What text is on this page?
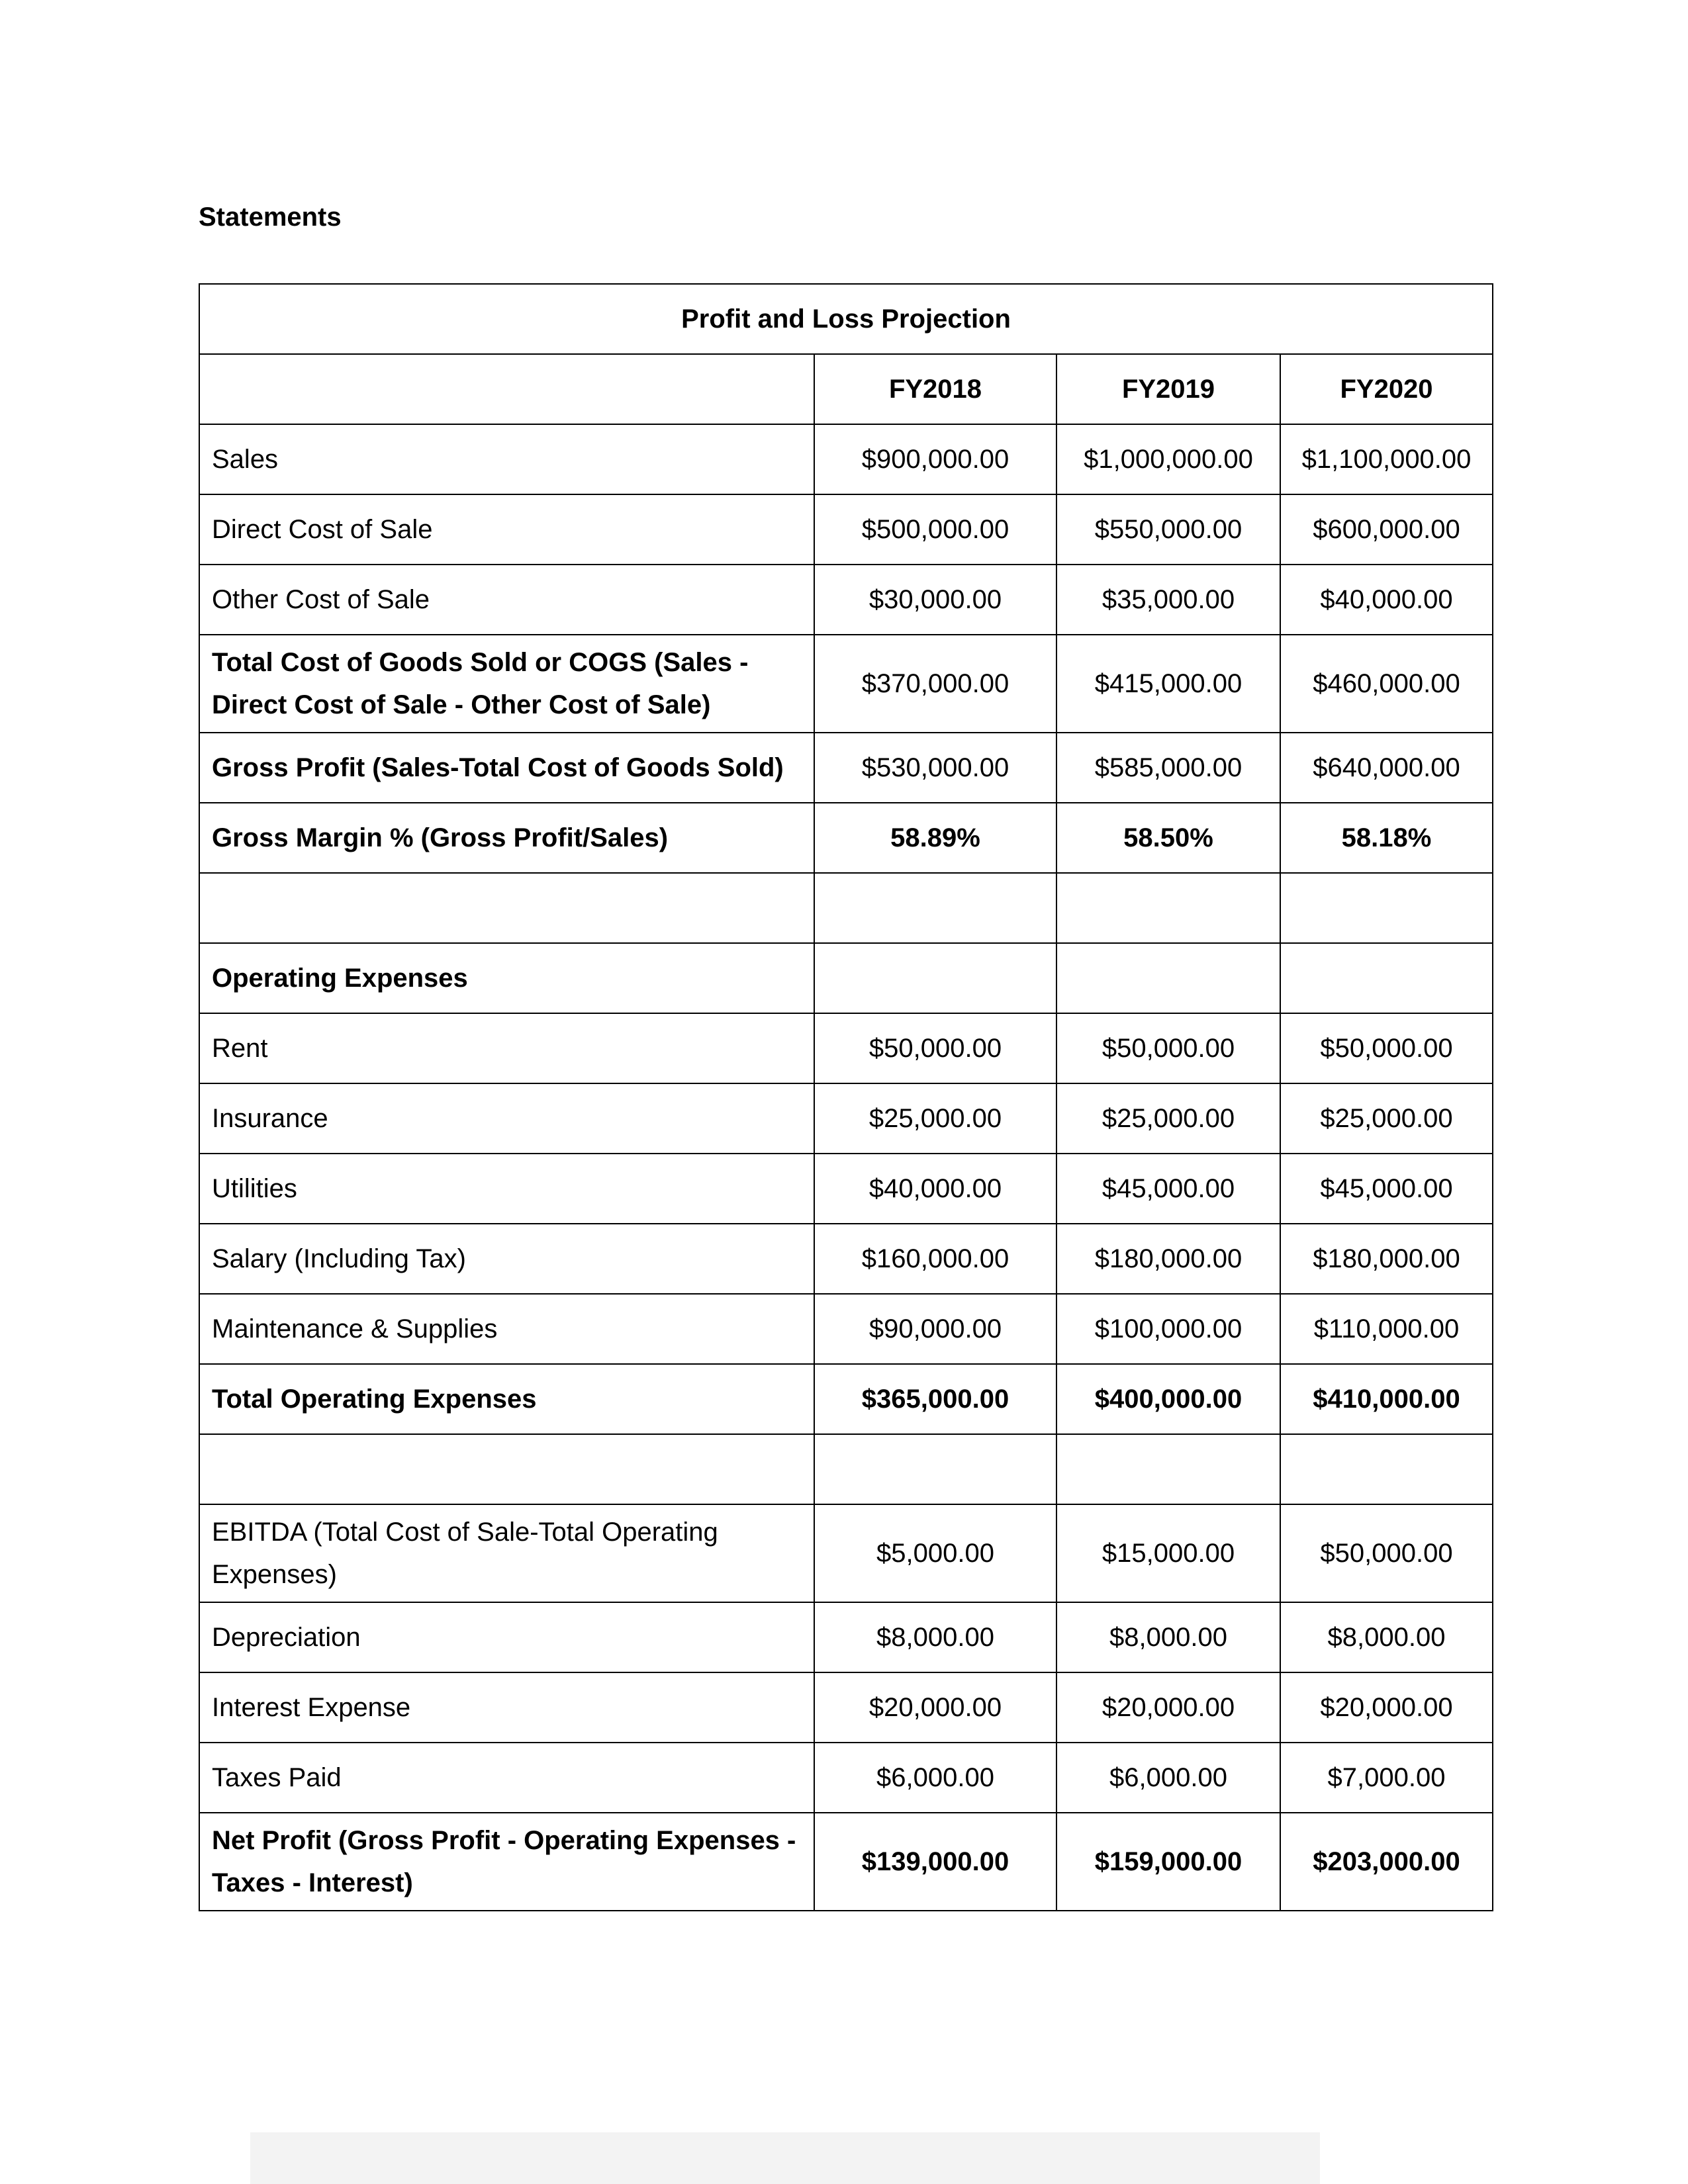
Statements
Profit and Loss Projection			
	FY2018	FY2019	FY2020
Sales	$900,000.00	$1,000,000.00	$1,100,000.00
Direct Cost of Sale	$500,000.00	$550,000.00	$600,000.00
Other Cost of Sale	$30,000.00	$35,000.00	$40,000.00
Total Cost of Goods Sold or COGS (Sales - Direct Cost of Sale - Other Cost of Sale)	$370,000.00	$415,000.00	$460,000.00
Gross Profit (Sales-Total Cost of Goods Sold)	$530,000.00	$585,000.00	$640,000.00
Gross Margin % (Gross Profit/Sales)	58.89%	58.50%	58.18%

Operating Expenses			
Rent	$50,000.00	$50,000.00	$50,000.00
Insurance	$25,000.00	$25,000.00	$25,000.00
Utilities	$40,000.00	$45,000.00	$45,000.00
Salary (Including Tax)	$160,000.00	$180,000.00	$180,000.00
Maintenance & Supplies	$90,000.00	$100,000.00	$110,000.00
Total Operating Expenses	$365,000.00	$400,000.00	$410,000.00

EBITDA (Total Cost of Sale-Total Operating Expenses)	$5,000.00	$15,000.00	$50,000.00
Depreciation	$8,000.00	$8,000.00	$8,000.00
Interest Expense	$20,000.00	$20,000.00	$20,000.00
Taxes Paid	$6,000.00	$6,000.00	$7,000.00
Net Profit (Gross Profit - Operating Expenses - Taxes - Interest)	$139,000.00	$159,000.00	$203,000.00
